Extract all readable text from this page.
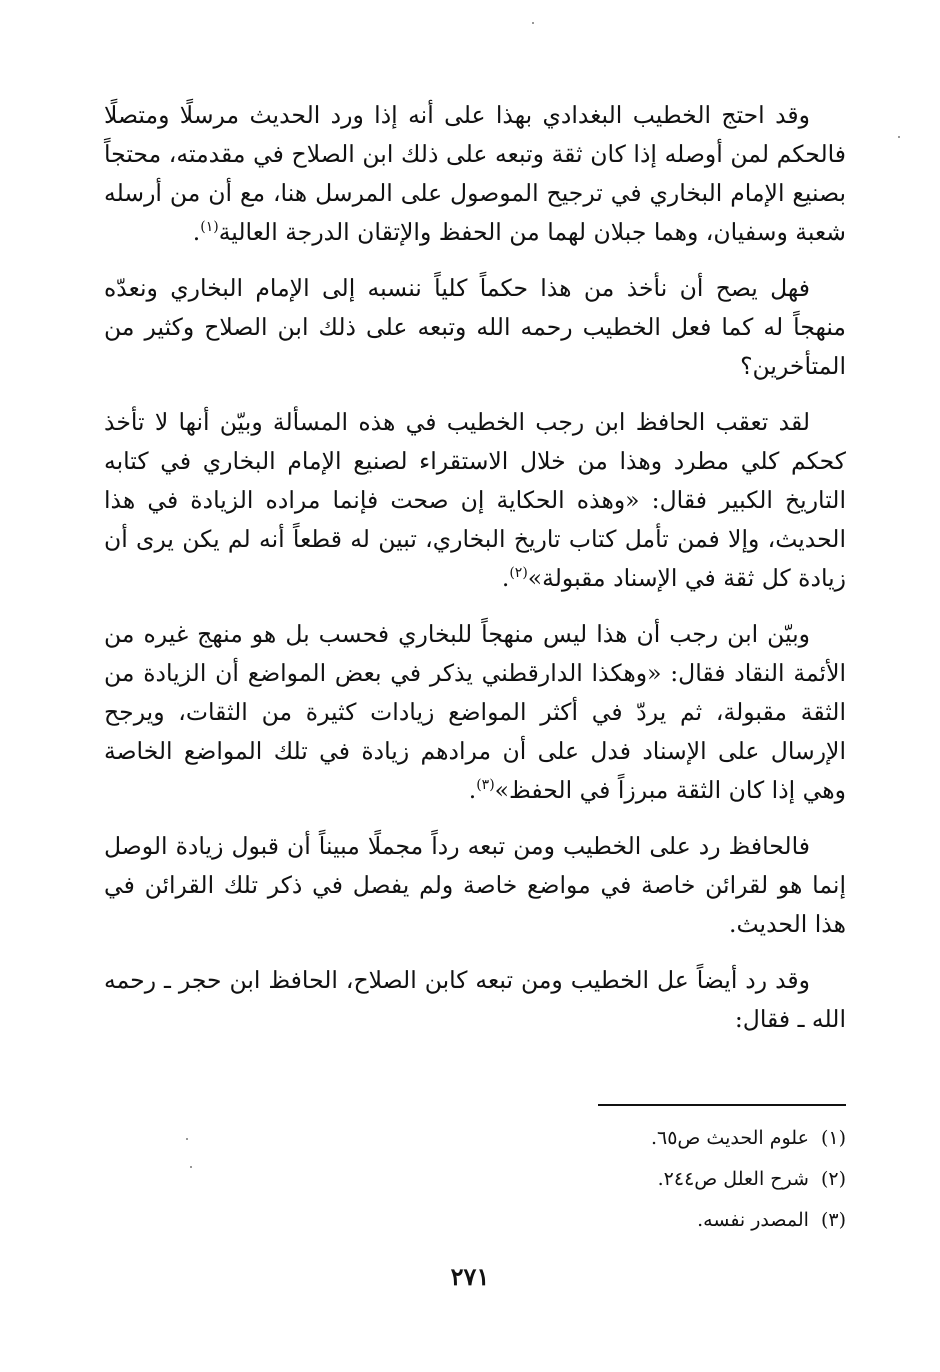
وقد احتج الخطيب البغدادي بهذا على أنه إذا ورد الحديث مرسلًا ومتصلًا فالحكم لمن أوصله إذا كان ثقة وتبعه على ذلك ابن الصلاح في مقدمته، محتجاً بصنيع الإمام البخاري في ترجيح الموصول على المرسل هنا، مع أن من أرسله شعبة وسفيان، وهما جبلان لهما من الحفظ والإتقان الدرجة العالية$^{(١)}$.

فهل يصح أن نأخذ من هذا حكماً كلياً ننسبه إلى الإمام البخاري ونعدّه منهجاً له كما فعل الخطيب رحمه الله وتبعه على ذلك ابن الصلاح وكثير من المتأخرين؟

لقد تعقب الحافظ ابن رجب الخطيب في هذه المسألة وبيّن أنها لا تأخذ كحكم كلي مطرد وهذا من خلال الاستقراء لصنيع الإمام البخاري في كتابه التاريخ الكبير فقال: «وهذه الحكاية إن صحت فإنما مراده الزيادة في هذا الحديث، وإلا فمن تأمل كتاب تاريخ البخاري، تبين له قطعاً أنه لم يكن يرى أن زيادة كل ثقة في الإسناد مقبولة»$^{(٢)}$.

وبيّن ابن رجب أن هذا ليس منهجاً للبخاري فحسب بل هو منهج غيره من الأئمة النقاد فقال: «وهكذا الدارقطني يذكر في بعض المواضع أن الزيادة من الثقة مقبولة، ثم يردّ في أكثر المواضع زيادات كثيرة من الثقات، ويرجح الإرسال على الإسناد فدل على أن مرادهم زيادة في تلك المواضع الخاصة وهي إذا كان الثقة مبرزاً في الحفظ»$^{(٣)}$.

فالحافظ رد على الخطيب ومن تبعه رداً مجملًا مبيناً أن قبول زيادة الوصل إنما هو لقرائن خاصة في مواضع خاصة ولم يفصل في ذكر تلك القرائن في هذا الحديث.

وقد رد أيضاً عل الخطيب ومن تبعه كابن الصلاح، الحافظ ابن حجر ـ رحمه الله ـ فقال:

(١)علوم الحديث ص٦٥.
(٢)شرح العلل ص٢٤٤.
(٣)المصدر نفسه.
٢٧١
